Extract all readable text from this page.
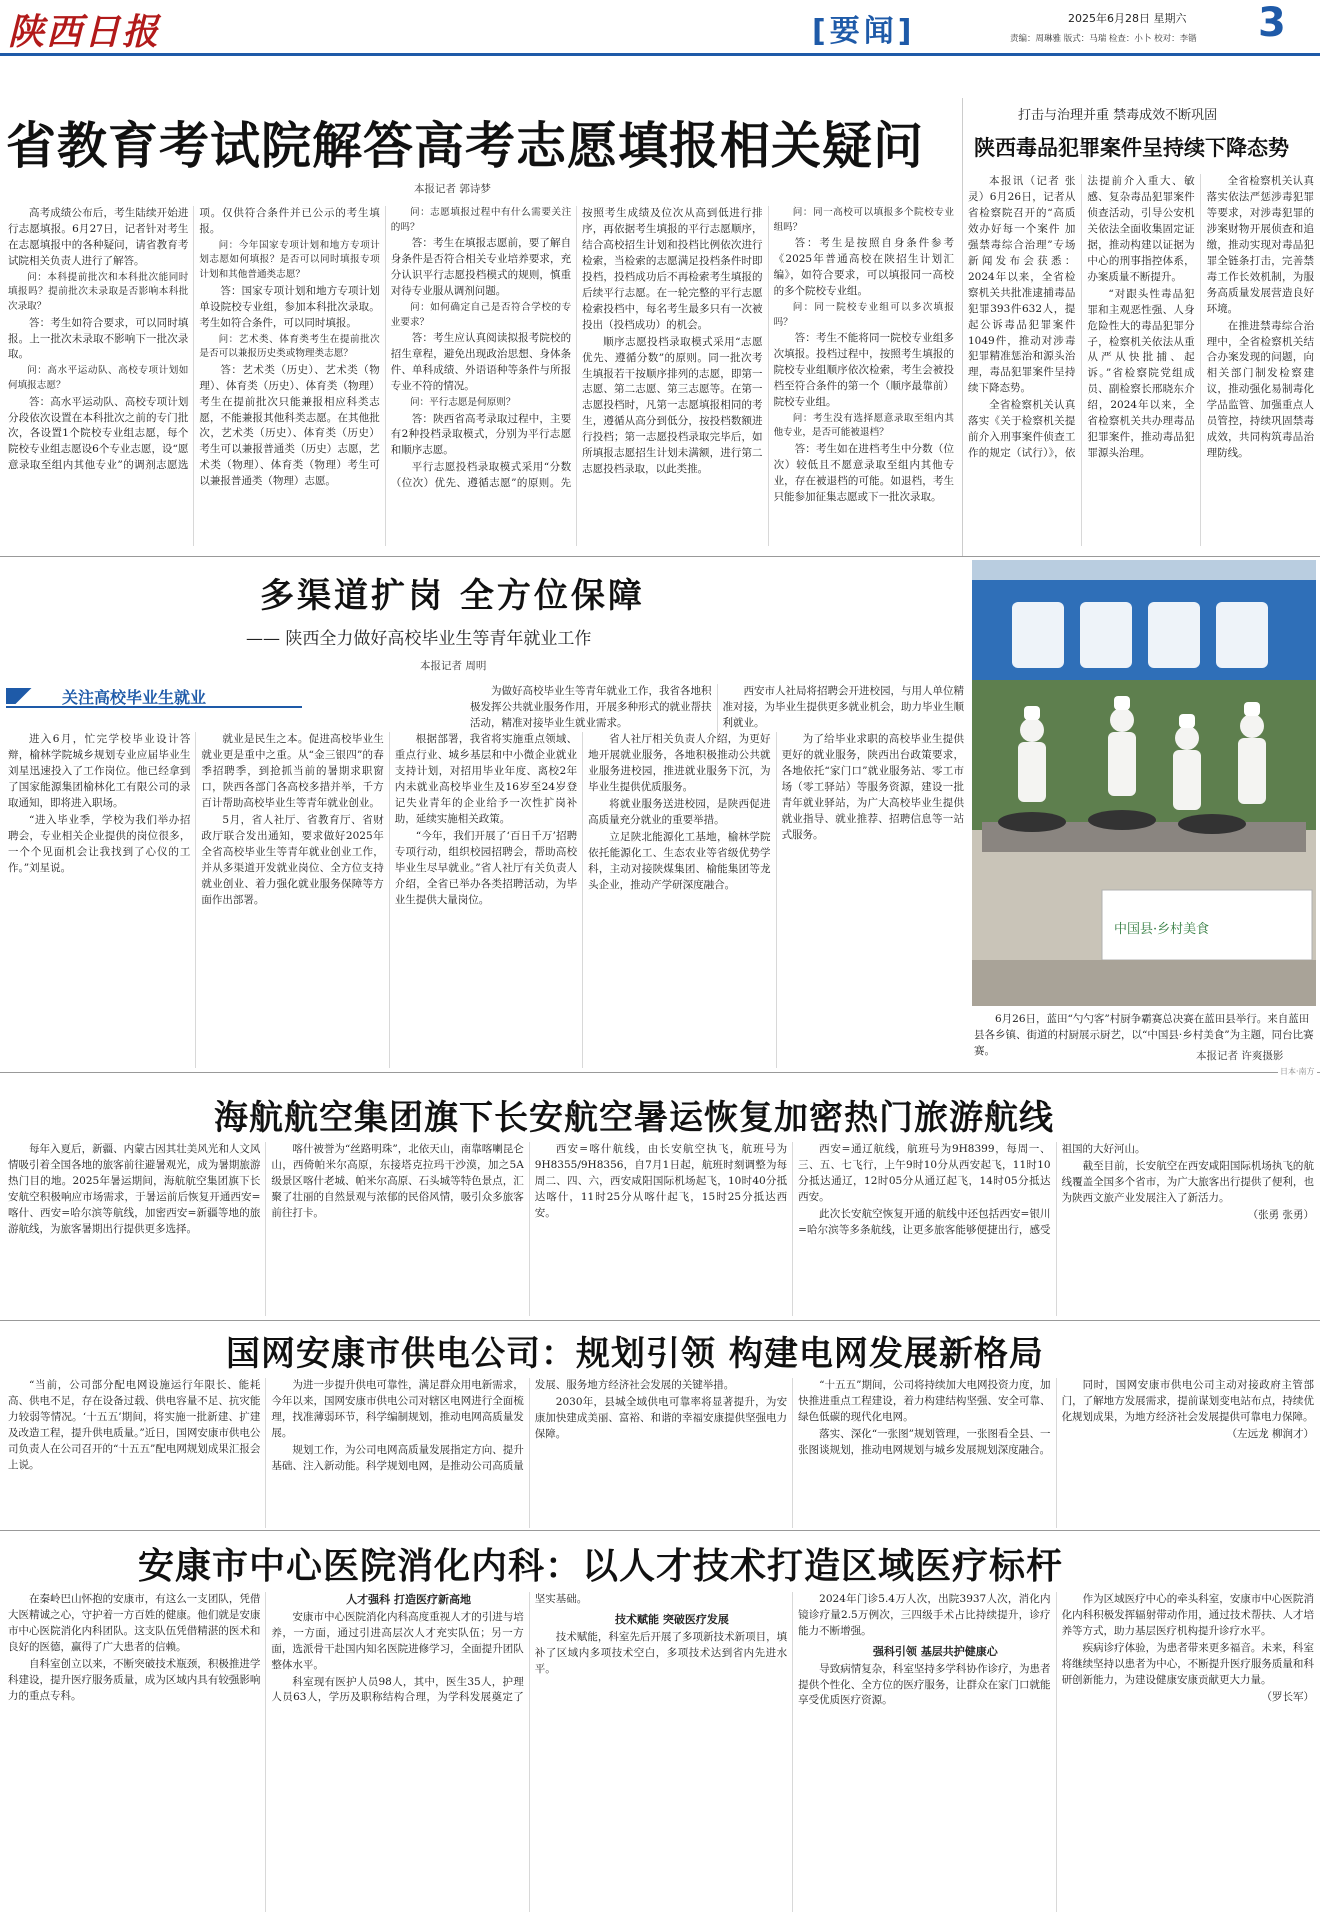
陕西日报	[要闻]	2025年6月28日 星期六
责编：周琳雅 版式：马瑞 检查：小卜 校对：李锴 3
省教育考试院解答高考志愿填报相关疑问
本报记者 郭诗梦

高考成绩公布后，考生陆续开始进行志愿填报。6月27日，记者针对考生在志愿填报中的各种疑问，请省教育考试院相关负责人进行了解答。

问：本科提前批次和本科批次能同时填报吗？提前批次未录取是否影响本科批次录取？

答：考生如符合要求，可以同时填报。上一批次未录取不影响下一批次录取。

问：高水平运动队、高校专项计划如何填报志愿？

答：高水平运动队、高校专项计划分段依次设置在本科批次之前的专门批次，各设置1个院校专业组志愿，每个院校专业组志愿设6个专业志愿，设“愿意录取至组内其他专业”的调剂志愿选项。仅供符合条件并已公示的考生填报。

问：今年国家专项计划和地方专项计划志愿如何填报？是否可以同时填报专项计划和其他普通类志愿？

答：国家专项计划和地方专项计划单设院校专业组，参加本科批次录取。考生如符合条件，可以同时填报。

问：艺术类、体育类考生在提前批次是否可以兼报历史类或物理类志愿？

答：艺术类（历史）、艺术类（物理）、体育类（历史）、体育类（物理）考生在提前批次只能兼报相应科类志愿，不能兼报其他科类志愿。在其他批次，艺术类（历史）、体育类（历史）考生可以兼报普通类（历史）志愿，艺术类（物理）、体育类（物理）考生可以兼报普通类（物理）志愿。

问：志愿填报过程中有什么需要关注的吗？

答：考生在填报志愿前，要了解自身条件是否符合相关专业培养要求，充分认识平行志愿投档模式的规则，慎重对待专业服从调剂问题。

问：如何确定自己是否符合学校的专业要求？

答：考生应认真阅读拟报考院校的招生章程，避免出现政治思想、身体条件、单科成绩、外语语种等条件与所报专业不符的情况。

问：平行志愿是何原则？

答：陕西省高考录取过程中，主要有2种投档录取模式，分别为平行志愿和顺序志愿。

平行志愿投档录取模式采用“分数（位次）优先、遵循志愿”的原则。先按照考生成绩及位次从高到低进行排序，再依据考生填报的平行志愿顺序，结合高校招生计划和投档比例依次进行检索，当检索的志愿满足投档条件时即投档，投档成功后不再检索考生填报的后续平行志愿。在一轮完整的平行志愿检索投档中，每名考生最多只有一次被投出（投档成功）的机会。

顺序志愿投档录取模式采用“志愿优先、遵循分数”的原则。同一批次考生填报若干按顺序排列的志愿，即第一志愿、第二志愿、第三志愿等。在第一志愿投档时，凡第一志愿填报相同的考生，遵循从高分到低分，按投档数额进行投档；第一志愿投档录取完毕后，如所填报志愿招生计划未满额，进行第二志愿投档录取，以此类推。

问：同一高校可以填报多个院校专业组吗？

答：考生是按照自身条件参考《2025年普通高校在陕招生计划汇编》，如符合要求，可以填报同一高校的多个院校专业组。

问：同一院校专业组可以多次填报吗？

答：考生不能将同一院校专业组多次填报。投档过程中，按照考生填报的院校专业组顺序依次检索，考生会被投档至符合条件的第一个（顺序最靠前）院校专业组。

问：考生没有选择愿意录取至组内其他专业，是否可能被退档？

答：考生如在进档考生中分数（位次）较低且不愿意录取至组内其他专业，存在被退档的可能。如退档，考生只能参加征集志愿或下一批次录取。

打击与治理并重 禁毒成效不断巩固
陕西毒品犯罪案件呈持续下降态势

本报讯（记者 张灵）6月26日，记者从省检察院召开的“高质效办好每一个案件 加强禁毒综合治理”专场新闻发布会获悉：2024年以来，全省检察机关共批准逮捕毒品犯罪393件632人，提起公诉毒品犯罪案件1049件，推动对涉毒犯罪精准惩治和源头治理，毒品犯罪案件呈持续下降态势。

全省检察机关认真落实《关于检察机关提前介入刑事案件侦查工作的规定（试行）》，依法提前介入重大、敏感、复杂毒品犯罪案件侦查活动，引导公安机关依法全面收集固定证据，推动构建以证据为中心的刑事指控体系，办案质量不断提升。

“对跟头性毒品犯罪和主观恶性强、人身危险性大的毒品犯罪分子，检察机关依法从重从严从快批捕、起诉。”省检察院党组成员、副检察长邢晓东介绍，2024年以来，全省检察机关共办理毒品犯罪案件，推动毒品犯罪源头治理。

全省检察机关认真落实依法严惩涉毒犯罪等要求，对涉毒犯罪的涉案财物开展侦查和追缴，推动实现对毒品犯罪全链条打击，完善禁毒工作长效机制，为服务高质量发展营造良好环境。

在推进禁毒综合治理中，全省检察机关结合办案发现的问题，向相关部门制发检察建议，推动强化易制毒化学品监管、加强重点人员管控，持续巩固禁毒成效，共同构筑毒品治理防线。

多渠道扩岗 全方位保障
—— 陕西全力做好高校毕业生等青年就业工作
本报记者 周明
关注高校毕业生就业	为做好高校毕业生等青年就业工作，我省各地积极发挥公共就业服务作用，开展多种形式的就业帮扶活动，精准对接毕业生就业需求。

西安市人社局将招聘会开进校园，与用人单位精准对接，为毕业生提供更多就业机会，助力毕业生顺利就业。

进入6月，忙完学校毕业设计答辩，榆林学院城乡规划专业应届毕业生刘星迅速投入了工作岗位。他已经拿到了国家能源集团榆林化工有限公司的录取通知，即将进入职场。

“进入毕业季，学校为我们举办招聘会，专业相关企业提供的岗位很多，一个个见面机会让我找到了心仪的工作。”刘星说。

就业是民生之本。促进高校毕业生就业更是重中之重。从“金三银四”的春季招聘季，到抢抓当前的暑期求职窗口，陕西各部门各高校多措并举，千方百计帮助高校毕业生等青年就业创业。

5月，省人社厅、省教育厅、省财政厅联合发出通知，要求做好2025年全省高校毕业生等青年就业创业工作，并从多渠道开发就业岗位、全方位支持就业创业、着力强化就业服务保障等方面作出部署。

根据部署，我省将实施重点领域、重点行业、城乡基层和中小微企业就业支持计划，对招用毕业年度、离校2年内未就业高校毕业生及16岁至24岁登记失业青年的企业给予一次性扩岗补助，延续实施相关政策。

“今年，我们开展了‘百日千万’招聘专项行动，组织校园招聘会，帮助高校毕业生尽早就业。”省人社厅有关负责人介绍，全省已举办各类招聘活动，为毕业生提供大量岗位。

省人社厅相关负责人介绍，为更好地开展就业服务，各地积极推动公共就业服务进校园，推进就业服务下沉，为毕业生提供优质服务。

将就业服务送进校园，是陕西促进高质量充分就业的重要举措。

立足陕北能源化工基地，榆林学院依托能源化工、生态农业等省级优势学科，主动对接陕煤集团、榆能集团等龙头企业，推动产学研深度融合。

为了给毕业求职的高校毕业生提供更好的就业服务，陕西出台政策要求，各地依托“家门口”就业服务站、零工市场（零工驿站）等服务资源，建设一批青年就业驿站，为广大高校毕业生提供就业指导、就业推荐、招聘信息等一站式服务。

中国县·乡村美食
6月26日，蓝田“勺勺客”村厨争霸赛总决赛在蓝田县举行。来自蓝田县各乡镇、街道的村厨展示厨艺，以“中国县·乡村美食”为主题，同台比赛赛。	本报记者 许爽摄影
日本·南方
海航航空集团旗下长安航空暑运恢复加密热门旅游航线

每年入夏后，新疆、内蒙古因其壮美风光和人文风情吸引着全国各地的旅客前往避暑观光，成为暑期旅游热门目的地。2025年暑运期间，海航航空集团旗下长安航空积极响应市场需求，于暑运前后恢复开通西安=喀什、西安=哈尔滨等航线，加密西安=新疆等地的旅游航线，为旅客暑期出行提供更多选择。

喀什被誉为“丝路明珠”，北依天山，南靠喀喇昆仑山，西倚帕米尔高原，东接塔克拉玛干沙漠，加之5A级景区喀什老城、帕米尔高原、石头城等特色景点，汇聚了壮丽的自然景观与浓郁的民俗风情，吸引众多旅客前往打卡。

西安=喀什航线，由长安航空执飞，航班号为9H8355/9H8356，自7月1日起，航班时刻调整为每周二、四、六，西安咸阳国际机场起飞，10时40分抵达喀什，11时25分从喀什起飞，15时25分抵达西安。

西安=通辽航线，航班号为9H8399，每周一、三、五、七飞行，上午9时10分从西安起飞，11时10分抵达通辽，12时05分从通辽起飞，14时05分抵达西安。

此次长安航空恢复开通的航线中还包括西安=银川=哈尔滨等多条航线，让更多旅客能够便捷出行，感受祖国的大好河山。

截至目前，长安航空在西安咸阳国际机场执飞的航线覆盖全国多个省市，为广大旅客出行提供了便利，也为陕西文旅产业发展注入了新活力。

（张勇 张勇）

国网安康市供电公司：规划引领 构建电网发展新格局

“当前，公司部分配电网设施运行年限长、能耗高、供电不足，存在设备过载、供电容量不足、抗灾能力较弱等情况。‘十五五’期间，将实施一批新建、扩建及改造工程，提升供电质量。”近日，国网安康市供电公司负责人在公司召开的“十五五”配电网规划成果汇报会上说。

为进一步提升供电可靠性，满足群众用电新需求，今年以来，国网安康市供电公司对辖区电网进行全面梳理，找准薄弱环节，科学编制规划，推动电网高质量发展。

规划工作，为公司电网高质量发展指定方向、提升基础、注入新动能。科学规划电网，是推动公司高质量发展、服务地方经济社会发展的关键举措。

2030年，县城全域供电可靠率将显著提升，为安康加快建成美丽、富裕、和谐的幸福安康提供坚强电力保障。

“十五五”期间，公司将持续加大电网投资力度，加快推进重点工程建设，着力构建结构坚强、安全可靠、绿色低碳的现代化电网。

落实、深化“一张图”规划管理，一张图看全县、一张图谈规划，推动电网规划与城乡发展规划深度融合。

同时，国网安康市供电公司主动对接政府主管部门，了解地方发展需求，提前谋划变电站布点，持续优化规划成果，为地方经济社会发展提供可靠电力保障。

（左远龙 柳润才）

安康市中心医院消化内科：以人才技术打造区域医疗标杆

在秦岭巴山怀抱的安康市，有这么一支团队，凭借大医精诚之心，守护着一方百姓的健康。他们就是安康市中心医院消化内科团队。这支队伍凭借精湛的医术和良好的医德，赢得了广大患者的信赖。

自科室创立以来，不断突破技术瓶颈，积极推进学科建设，提升医疗服务质量，成为区域内具有较强影响力的重点专科。

人才强科 打造医疗新高地

安康市中心医院消化内科高度重视人才的引进与培养，一方面，通过引进高层次人才充实队伍；另一方面，选派骨干赴国内知名医院进修学习，全面提升团队整体水平。

科室现有医护人员98人，其中，医生35人，护理人员63人，学历及职称结构合理，为学科发展奠定了坚实基础。

技术赋能 突破医疗发展

技术赋能，科室先后开展了多项新技术新项目，填补了区域内多项技术空白，多项技术达到省内先进水平。

2024年门诊5.4万人次，出院3937人次，消化内镜诊疗量2.5万例次，三四级手术占比持续提升，诊疗能力不断增强。

强科引领 基层共护健康心

导致病情复杂，科室坚持多学科协作诊疗，为患者提供个性化、全方位的医疗服务，让群众在家门口就能享受优质医疗资源。

作为区域医疗中心的牵头科室，安康市中心医院消化内科积极发挥辐射带动作用，通过技术帮扶、人才培养等方式，助力基层医疗机构提升诊疗水平。

疾病诊疗体验，为患者带来更多福音。未来，科室将继续坚持以患者为中心，不断提升医疗服务质量和科研创新能力，为建设健康安康贡献更大力量。

（罗长军）
